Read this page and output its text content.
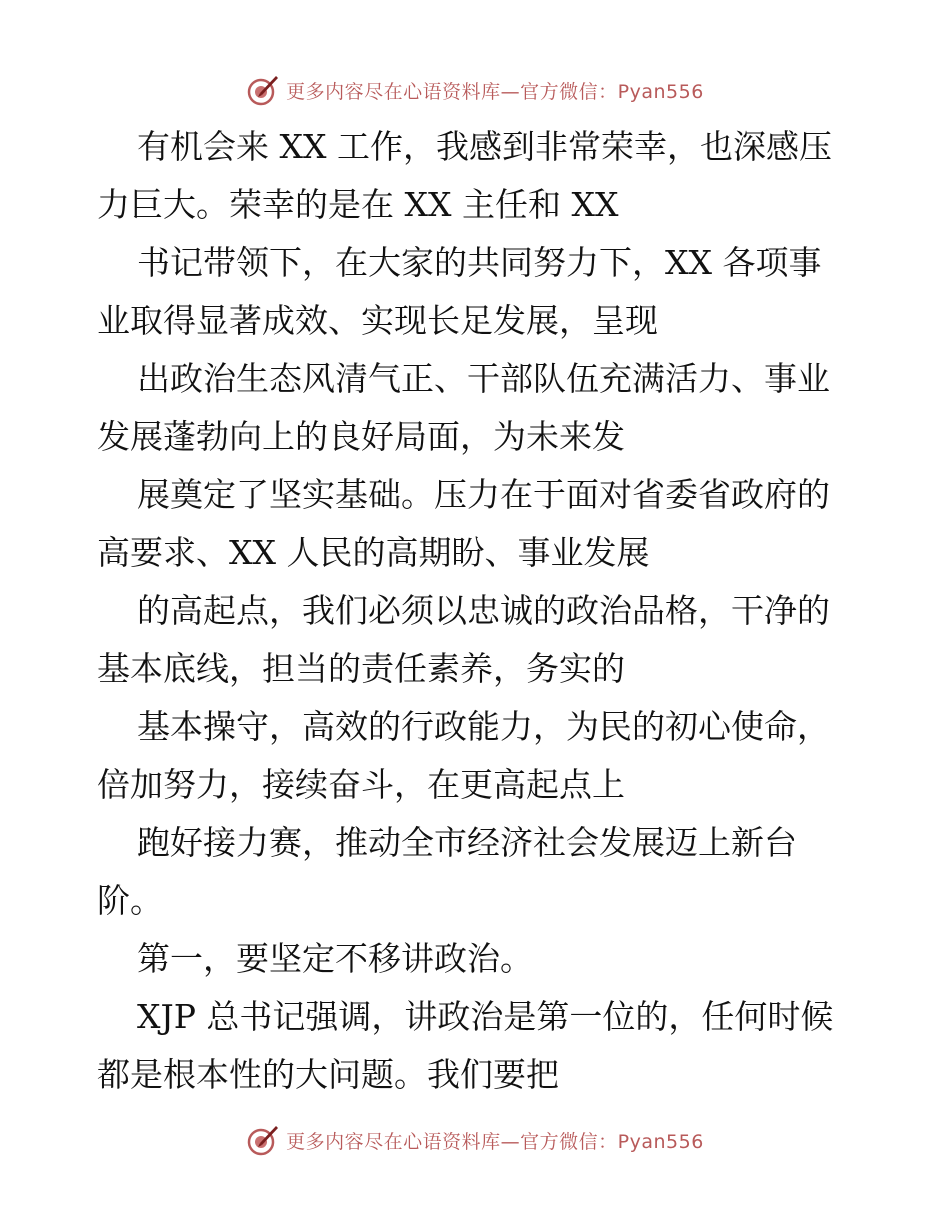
更多内容尽在心语资料库—官方微信：Pyan556

有机会来 XX 工作，我感到非常荣幸，也深感压

力巨大。荣幸的是在 XX 主任和 XX

书记带领下，在大家的共同努力下，XX 各项事

业取得显著成效、实现长足发展，呈现

出政治生态风清气正、干部队伍充满活力、事业

发展蓬勃向上的良好局面，为未来发

展奠定了坚实基础。压力在于面对省委省政府的

高要求、XX 人民的高期盼、事业发展

的高起点，我们必须以忠诚的政治品格，干净的

基本底线，担当的责任素养，务实的

基本操守，高效的行政能力，为民的初心使命，

倍加努力，接续奋斗，在更高起点上

跑好接力赛，推动全市经济社会发展迈上新台

阶。

第一，要坚定不移讲政治。

XJP 总书记强调，讲政治是第一位的，任何时候

都是根本性的大问题。我们要把

更多内容尽在心语资料库—官方微信：Pyan556
